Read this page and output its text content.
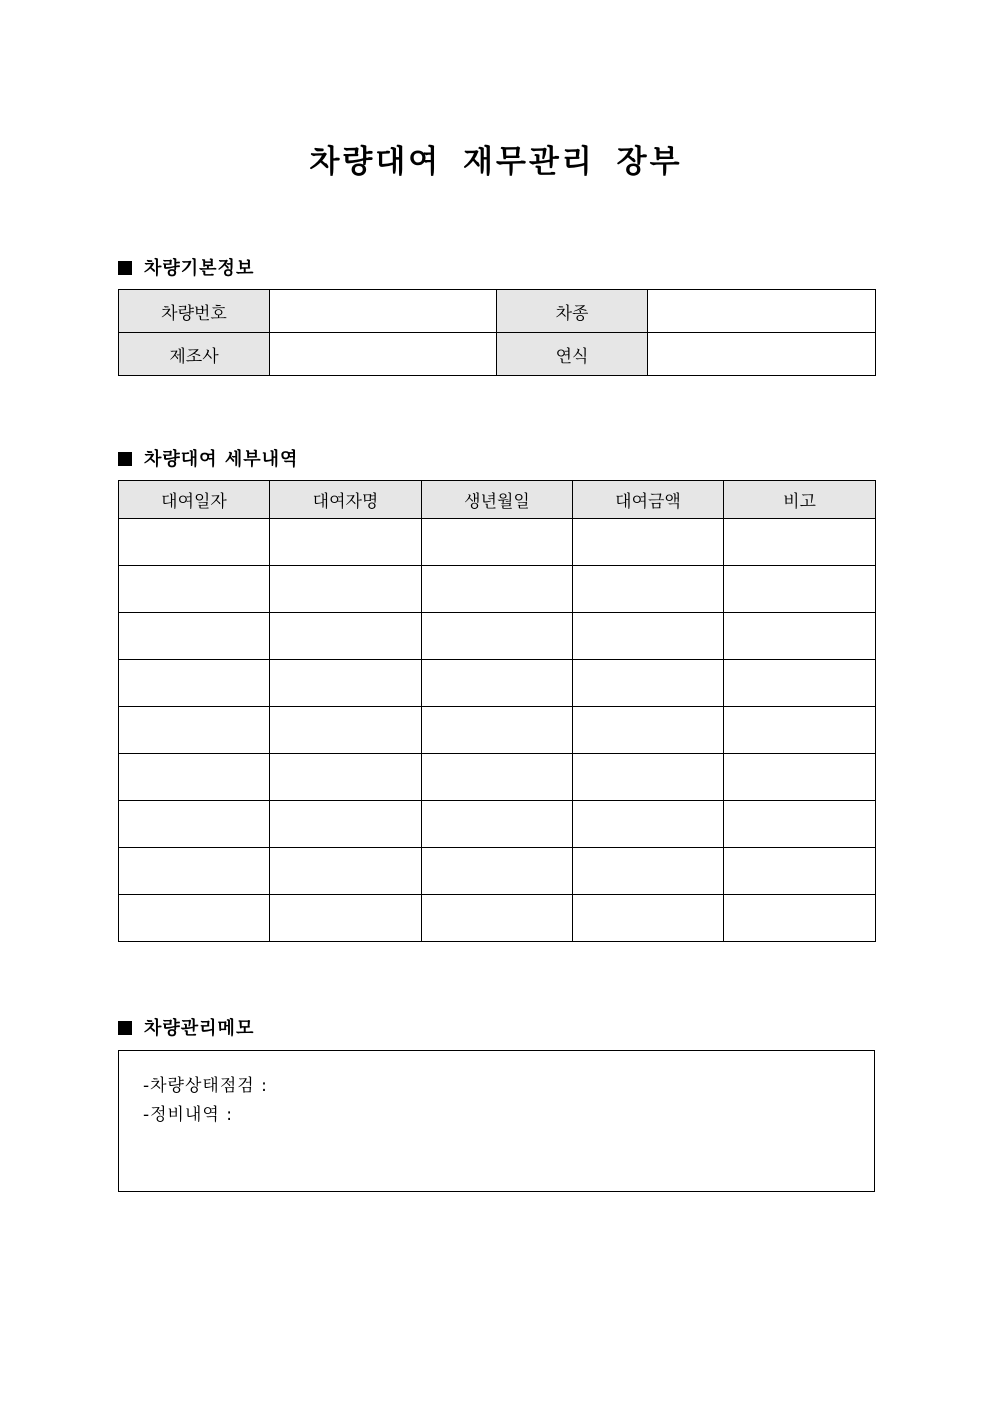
차량대여 재무관리 장부
차량기본정보
차량번호		차종	
제조사		연식	
차량대여 세부내역
대여일자	대여자명	생년월일	대여금액	비고

차량관리메모
-차량상태점검 :
-정비내역 :
